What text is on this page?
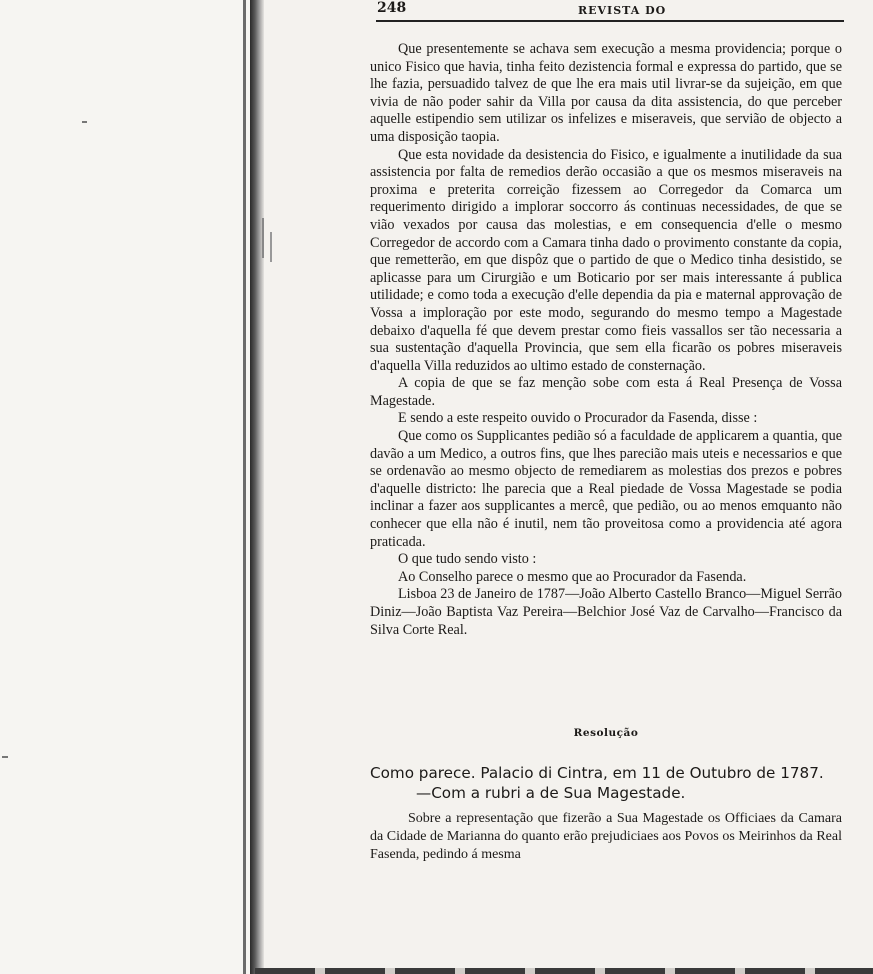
248	REVISTA DO

Que presentemente se achava sem execução a mesma providencia; porque o unico Fisico que havia, tinha feito dezistencia formal e expressa do partido, que se lhe fazia, persuadido talvez de que lhe era mais util livrar-se da sujeição, em que vivia de não poder sahir da Villa por causa da dita assistencia, do que perceber aquelle estipendio sem utilizar os infelizes e miseraveis, que servião de objecto a uma disposição taopia.

Que esta novidade da desistencia do Fisico, e igualmente a inutilidade da sua assistencia por falta de remedios derão occasião a que os mesmos miseraveis na proxima e preterita correição fizessem ao Corregedor da Comarca um requerimento dirigido a implorar soccorro ás continuas necessidades, de que se vião vexados por causa das molestias, e em consequencia d'elle o mesmo Corregedor de accordo com a Camara tinha dado o provimento constante da copia, que remetterão, em que dispôz que o partido de que o Medico tinha desistido, se aplicasse para um Cirurgião e um Boticario por ser mais interessante á publica utilidade; e como toda a execução d'elle dependia da pia e maternal approvação de Vossa a imploração por este modo, segurando do mesmo tempo a Magestade debaixo d'aquella fé que devem prestar como fieis vassallos ser tão necessaria a sua sustentação d'aquella Provincia, que sem ella ficarão os pobres miseraveis d'aquella Villa reduzidos ao ultimo estado de consternação.

A copia de que se faz menção sobe com esta á Real Presença de Vossa Magestade.

E sendo a este respeito ouvido o Procurador da Fasenda, disse :

Que como os Supplicantes pedião só a faculdade de applicarem a quantia, que davão a um Medico, a outros fins, que lhes parecião mais uteis e necessarios e que se ordenavão ao mesmo objecto de remediarem as molestias dos prezos e pobres d'aquelle districto: lhe parecia que a Real piedade de Vossa Magestade se podia inclinar a fazer aos supplicantes a mercê, que pedião, ou ao menos emquanto não conhecer que ella não é inutil, nem tão proveitosa como a providencia até agora praticada.

O que tudo sendo visto :

Ao Conselho parece o mesmo que ao Procurador da Fasenda.

Lisboa 23 de Janeiro de 1787—João Alberto Castello Branco—Miguel Serrão Diniz—João Baptista Vaz Pereira—Belchior José Vaz de Carvalho—Francisco da Silva Corte Real.

Resolução
Como parece. Palacio di Cintra, em 11 de Outubro de 1787.
—Com a rubri a de Sua Magestade.

Sobre a representação que fizerão a Sua Magestade os Officiaes da Camara da Cidade de Marianna do quanto erão prejudiciaes aos Povos os Meirinhos da Real Fasenda, pedindo á mesma
